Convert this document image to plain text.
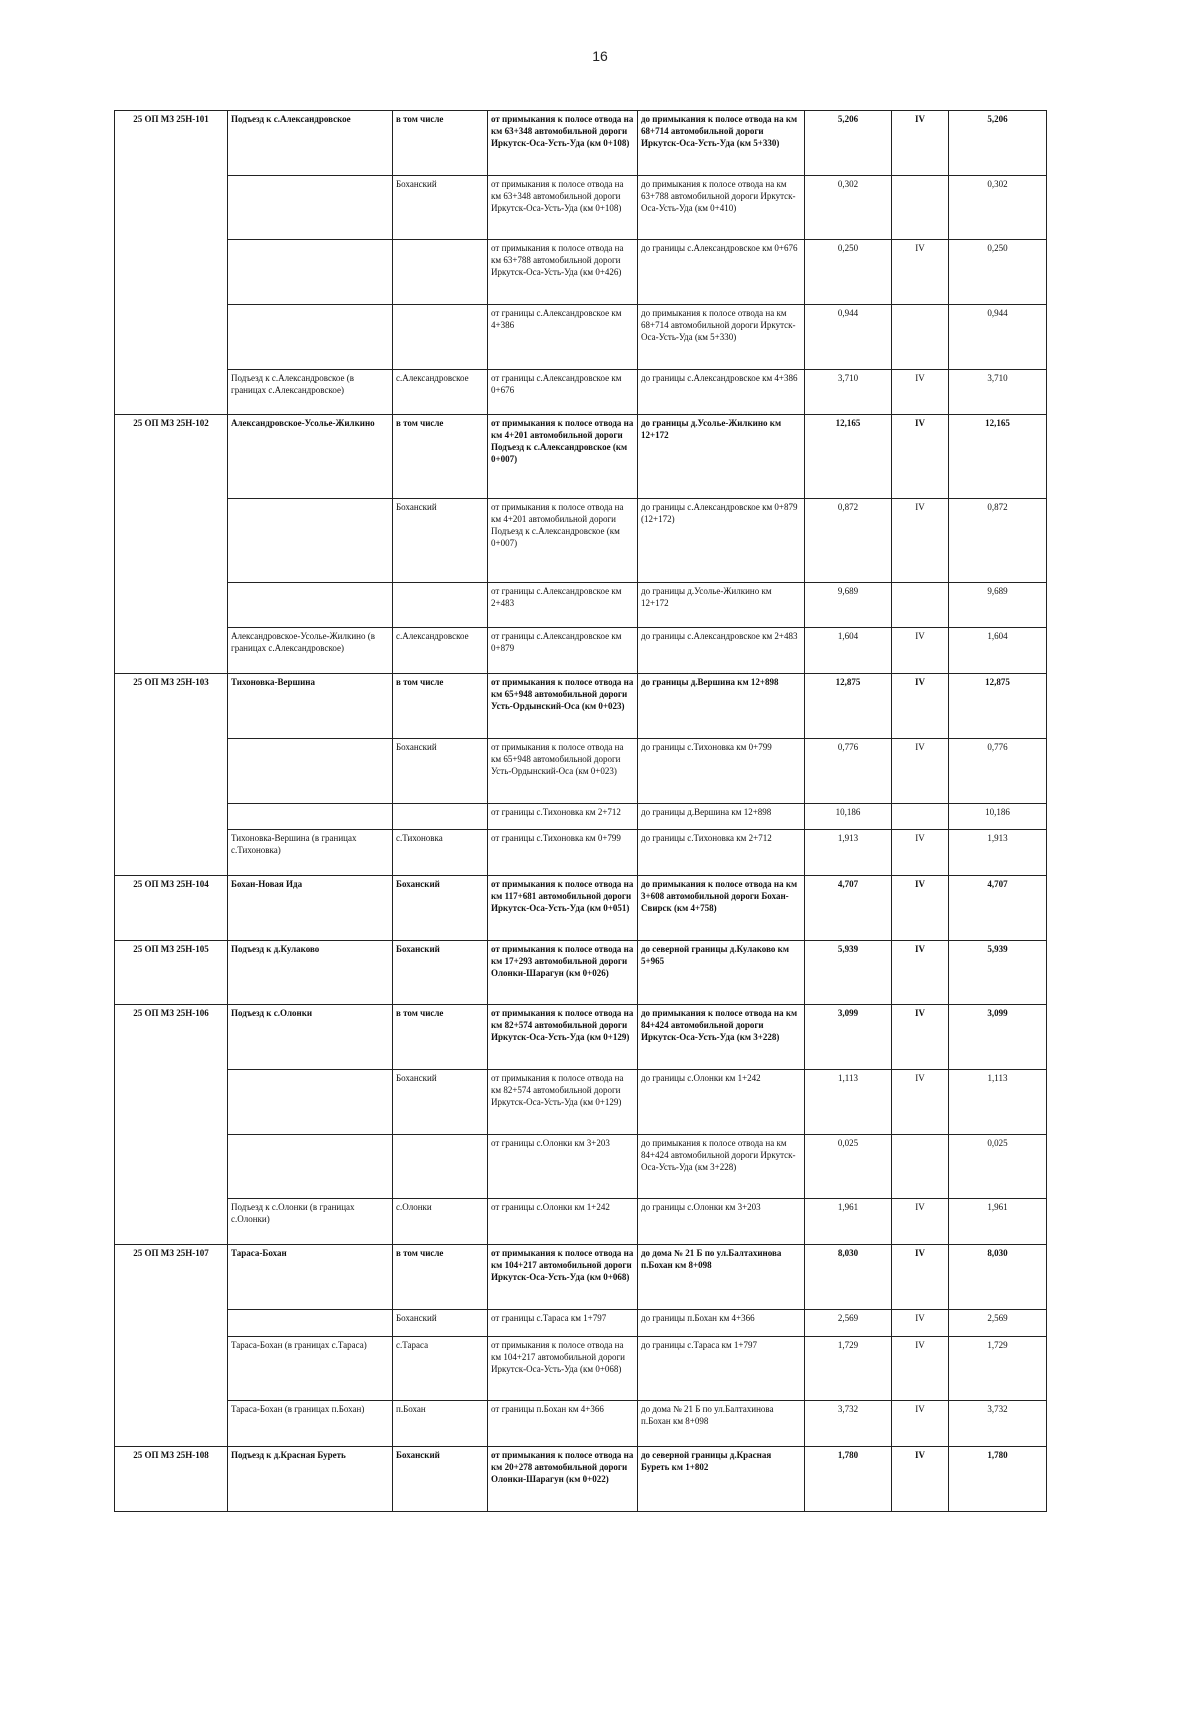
16
25 ОП МЗ 25Н-101	Подъезд к с.Александровское	в том числе	от примыкания к полосе отвода на км 63+348 автомобильной дороги Иркутск-Оса-Усть-Уда (км 0+108)	до примыкания к полосе отвода на км 68+714 автомобильной дороги Иркутск-Оса-Усть-Уда (км 5+330)	5,206	IV	5,206
		Боханский	от примыкания к полосе отвода на км 63+348 автомобильной дороги Иркутск-Оса-Усть-Уда (км 0+108)	до примыкания к полосе отвода на км 63+788 автомобильной дороги Иркутск-Оса-Усть-Уда (км 0+410)	0,302		0,302
			от примыкания к полосе отвода на км 63+788 автомобильной дороги Иркутск-Оса-Усть-Уда (км 0+426)	до границы с.Александровское км 0+676	0,250	IV	0,250
			от границы с.Александровское км 4+386	до примыкания к полосе отвода на км 68+714 автомобильной дороги Иркутск-Оса-Усть-Уда (км 5+330)	0,944		0,944
	Подъезд к с.Александровское (в границах с.Александровское)	с.Александровское	от границы с.Александровское км 0+676	до границы с.Александровское км 4+386	3,710	IV	3,710
25 ОП МЗ 25Н-102	Александровское-Усолье-Жилкино	в том числе	от примыкания к полосе отвода на км 4+201 автомобильной дороги Подъезд к с.Александровское (км 0+007)	до границы д.Усолье-Жилкино км 12+172	12,165	IV	12,165
		Боханский	от примыкания к полосе отвода на км 4+201 автомобильной дороги Подъезд к с.Александровское (км 0+007)	до границы с.Александровское км 0+879 (12+172)	0,872	IV	0,872
			от границы с.Александровское км 2+483	до границы д.Усолье-Жилкино км 12+172	9,689		9,689
	Александровское-Усолье-Жилкино (в границах с.Александровское)	с.Александровское	от границы с.Александровское км 0+879	до границы с.Александровское км 2+483	1,604	IV	1,604
25 ОП МЗ 25Н-103	Тихоновка-Вершина	в том числе	от примыкания к полосе отвода на км 65+948 автомобильной дороги Усть-Ордынский-Оса (км 0+023)	до границы д.Вершина км 12+898	12,875	IV	12,875
		Боханский	от примыкания к полосе отвода на км 65+948 автомобильной дороги Усть-Ордынский-Оса (км 0+023)	до границы с.Тихоновка км 0+799	0,776	IV	0,776
			от границы с.Тихоновка км 2+712	до границы д.Вершина км 12+898	10,186		10,186
	Тихоновка-Вершина (в границах с.Тихоновка)	с.Тихоновка	от границы с.Тихоновка км 0+799	до границы с.Тихоновка км 2+712	1,913	IV	1,913
25 ОП МЗ 25Н-104	Бохан-Новая Ида	Боханский	от примыкания к полосе отвода на км 117+681 автомобильной дороги Иркутск-Оса-Усть-Уда (км 0+051)	до примыкания к полосе отвода на км 3+608 автомобильной дороги Бохан-Свирск (км 4+758)	4,707	IV	4,707
25 ОП МЗ 25Н-105	Подъезд к д.Кулаково	Боханский	от примыкания к полосе отвода на км 17+293 автомобильной дороги Олонки-Шарагун (км 0+026)	до северной границы д.Кулаково км 5+965	5,939	IV	5,939
25 ОП МЗ 25Н-106	Подъезд к с.Олонки	в том числе	от примыкания к полосе отвода на км 82+574 автомобильной дороги Иркутск-Оса-Усть-Уда (км 0+129)	до примыкания к полосе отвода на км 84+424 автомобильной дороги Иркутск-Оса-Усть-Уда (км 3+228)	3,099	IV	3,099
		Боханский	от примыкания к полосе отвода на км 82+574 автомобильной дороги Иркутск-Оса-Усть-Уда (км 0+129)	до границы с.Олонки км 1+242	1,113	IV	1,113
			от границы с.Олонки км 3+203	до примыкания к полосе отвода на км 84+424 автомобильной дороги Иркутск-Оса-Усть-Уда (км 3+228)	0,025		0,025
	Подъезд к с.Олонки (в границах с.Олонки)	с.Олонки	от границы с.Олонки км 1+242	до границы с.Олонки км 3+203	1,961	IV	1,961
25 ОП МЗ 25Н-107	Тараса-Бохан	в том числе	от примыкания к полосе отвода на км 104+217 автомобильной дороги Иркутск-Оса-Усть-Уда (км 0+068)	до дома № 21 Б по ул.Балтахинова п.Бохан км 8+098	8,030	IV	8,030
		Боханский	от границы с.Тараса км 1+797	до границы п.Бохан км 4+366	2,569	IV	2,569
	Тараса-Бохан (в границах с.Тараса)	с.Тараса	от примыкания к полосе отвода на км 104+217 автомобильной дороги Иркутск-Оса-Усть-Уда (км 0+068)	до границы с.Тараса км 1+797	1,729	IV	1,729
	Тараса-Бохан (в границах п.Бохан)	п.Бохан	от границы п.Бохан км 4+366	до дома № 21 Б по ул.Балтахинова п.Бохан км 8+098	3,732	IV	3,732
25 ОП МЗ 25Н-108	Подъезд к д.Красная Буреть	Боханский	от примыкания к полосе отвода на км 20+278 автомобильной дороги Олонки-Шарагун (км 0+022)	до северной границы д.Красная Буреть км 1+802	1,780	IV	1,780
